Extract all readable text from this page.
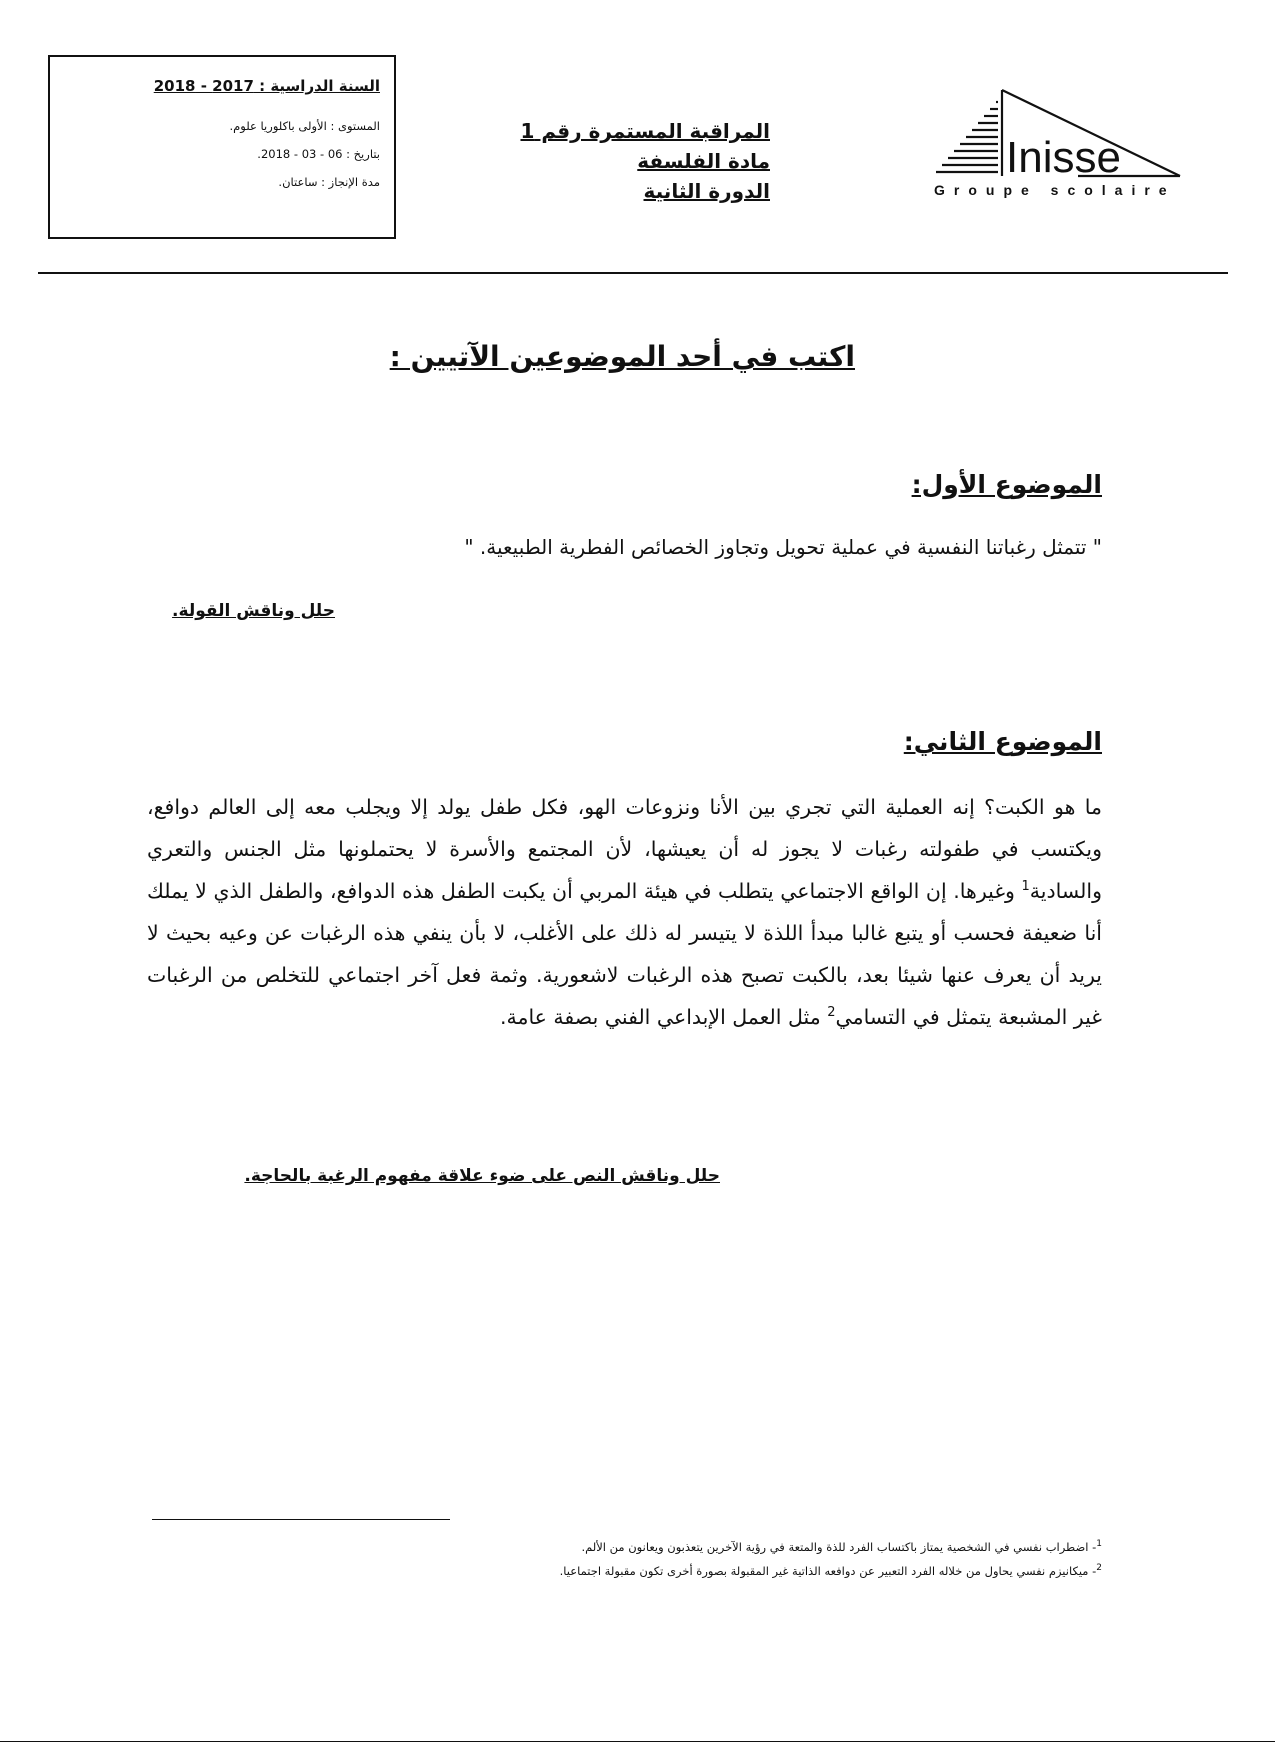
السنة الدراسية : 2017 - 2018
المستوى : الأولى باكلوريا علوم.
بتاريخ : 06 - 03 - 2018.
مدة الإنجاز : ساعتان.
المراقبة المستمرة رقم 1
مادة الفلسفة
الدورة الثانية
Inisse
Groupe scolaire
اكتب في أحد الموضوعين الآتيين :
الموضوع الأول:
" تتمثل رغباتنا النفسية في عملية تحويل وتجاوز الخصائص الفطرية الطبيعية. "
حلل وناقش القولة.
الموضوع الثاني:
ما هو الكبت؟ إنه العملية التي تجري بين الأنا ونزوعات الهو، فكل طفل يولد إلا ويجلب معه إلى العالم دوافع، ويكتسب في طفولته رغبات لا يجوز له أن يعيشها، لأن المجتمع والأسرة لا يحتملونها مثل الجنس والتعري والسادية$^1$ وغيرها. إن الواقع الاجتماعي يتطلب في هيئة المربي أن يكبت الطفل هذه الدوافع، والطفل الذي لا يملك أنا ضعيفة فحسب أو يتبع غالبا مبدأ اللذة لا يتيسر له ذلك على الأغلب، لا بأن ينفي هذه الرغبات عن وعيه بحيث لا يريد أن يعرف عنها شيئا بعد، بالكبت تصبح هذه الرغبات لاشعورية. وثمة فعل آخر اجتماعي للتخلص من الرغبات غير المشبعة يتمثل في التسامي$^2$ مثل العمل الإبداعي الفني بصفة عامة.
حلل وناقش النص على ضوء علاقة مفهوم الرغبة بالحاجة.
$^1$- اضطراب نفسي في الشخصية يمتاز باكتساب الفرد للذة والمتعة في رؤية الآخرين يتعذبون ويعانون من الألم.
$^2$- ميكانيزم نفسي يحاول من خلاله الفرد التعبير عن دوافعه الذاتية غير المقبولة بصورة أخرى تكون مقبولة اجتماعيا.
